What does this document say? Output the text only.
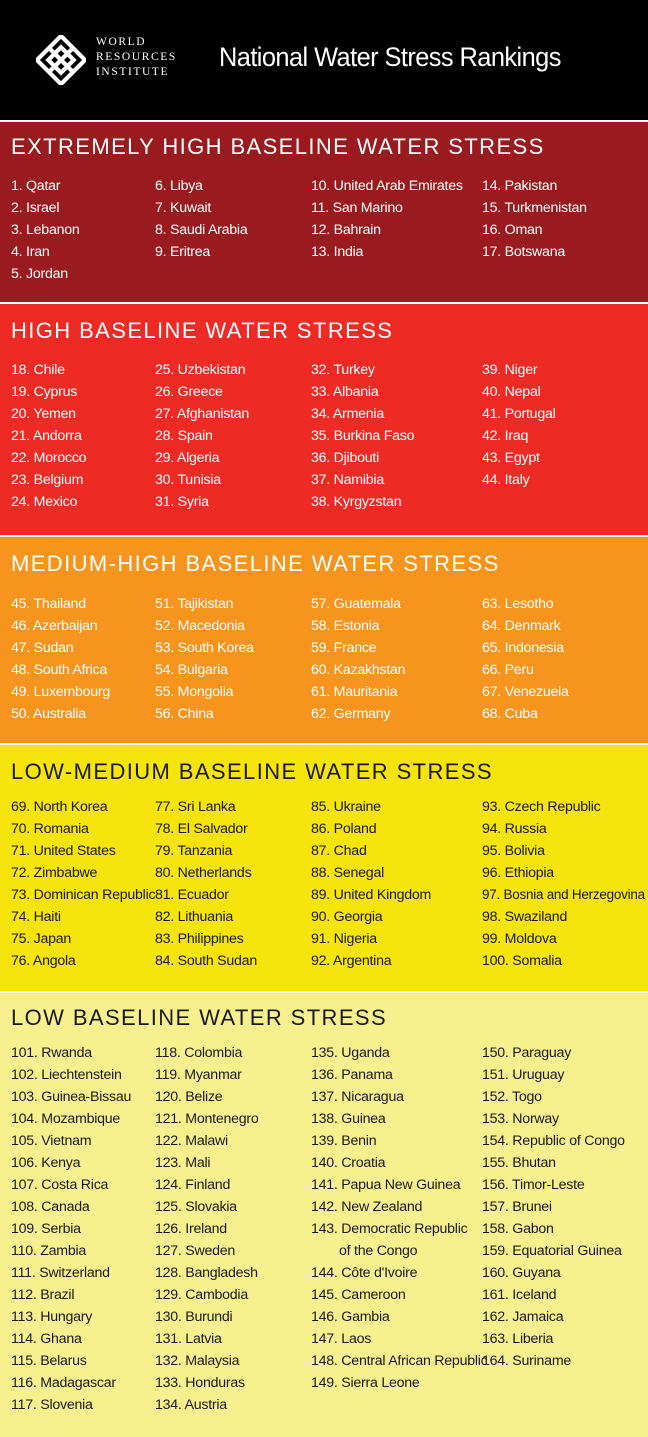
WORLD
RESOURCES
INSTITUTE National Water Stress Rankings
EXTREMELY HIGH BASELINE WATER STRESS
1. Qatar
2. Israel
3. Lebanon
4. Iran
5. Jordan
6. Libya
7. Kuwait
8. Saudi Arabia
9. Eritrea
10. United Arab Emirates
11. San Marino
12. Bahrain
13. India
14. Pakistan
15. Turkmenistan
16. Oman
17. Botswana
HIGH BASELINE WATER STRESS
18. Chile
19. Cyprus
20. Yemen
21. Andorra
22. Morocco
23. Belgium
24. Mexico
25. Uzbekistan
26. Greece
27. Afghanistan
28. Spain
29. Algeria
30. Tunisia
31. Syria
32. Turkey
33. Albania
34. Armenia
35. Burkina Faso
36. Djibouti
37. Namibia
38. Kyrgyzstan
39. Niger
40. Nepal
41. Portugal
42. Iraq
43. Egypt
44. Italy
MEDIUM-HIGH BASELINE WATER STRESS
45. Thailand
46. Azerbaijan
47. Sudan
48. South Africa
49. Luxembourg
50. Australia
51. Tajikistan
52. Macedonia
53. South Korea
54. Bulgaria
55. Mongolia
56. China
57. Guatemala
58. Estonia
59. France
60. Kazakhstan
61. Mauritania
62. Germany
63. Lesotho
64. Denmark
65. Indonesia
66. Peru
67. Venezuela
68. Cuba
LOW-MEDIUM BASELINE WATER STRESS
69. North Korea
70. Romania
71. United States
72. Zimbabwe
73. Dominican Republic
74. Haiti
75. Japan
76. Angola
77. Sri Lanka
78. El Salvador
79. Tanzania
80. Netherlands
81. Ecuador
82. Lithuania
83. Philippines
84. South Sudan
85. Ukraine
86. Poland
87. Chad
88. Senegal
89. United Kingdom
90. Georgia
91. Nigeria
92. Argentina
93. Czech Republic
94. Russia
95. Bolivia
96. Ethiopia
97. Bosnia and Herzegovina
98. Swaziland
99. Moldova
100. Somalia
LOW BASELINE WATER STRESS
101. Rwanda
102. Liechtenstein
103. Guinea-Bissau
104. Mozambique
105. Vietnam
106. Kenya
107. Costa Rica
108. Canada
109. Serbia
110. Zambia
111. Switzerland
112. Brazil
113. Hungary
114. Ghana
115. Belarus
116. Madagascar
117. Slovenia
118. Colombia
119. Myanmar
120. Belize
121. Montenegro
122. Malawi
123. Mali
124. Finland
125. Slovakia
126. Ireland
127. Sweden
128. Bangladesh
129. Cambodia
130. Burundi
131. Latvia
132. Malaysia
133. Honduras
134. Austria
135. Uganda
136. Panama
137. Nicaragua
138. Guinea
139. Benin
140. Croatia
141. Papua New Guinea
142. New Zealand
143. Democratic Republic
of the Congo
144. Côte d'Ivoire
145. Cameroon
146. Gambia
147. Laos
148. Central African Republic
149. Sierra Leone
150. Paraguay
151. Uruguay
152. Togo
153. Norway
154. Republic of Congo
155. Bhutan
156. Timor-Leste
157. Brunei
158. Gabon
159. Equatorial Guinea
160. Guyana
161. Iceland
162. Jamaica
163. Liberia
164. Suriname
